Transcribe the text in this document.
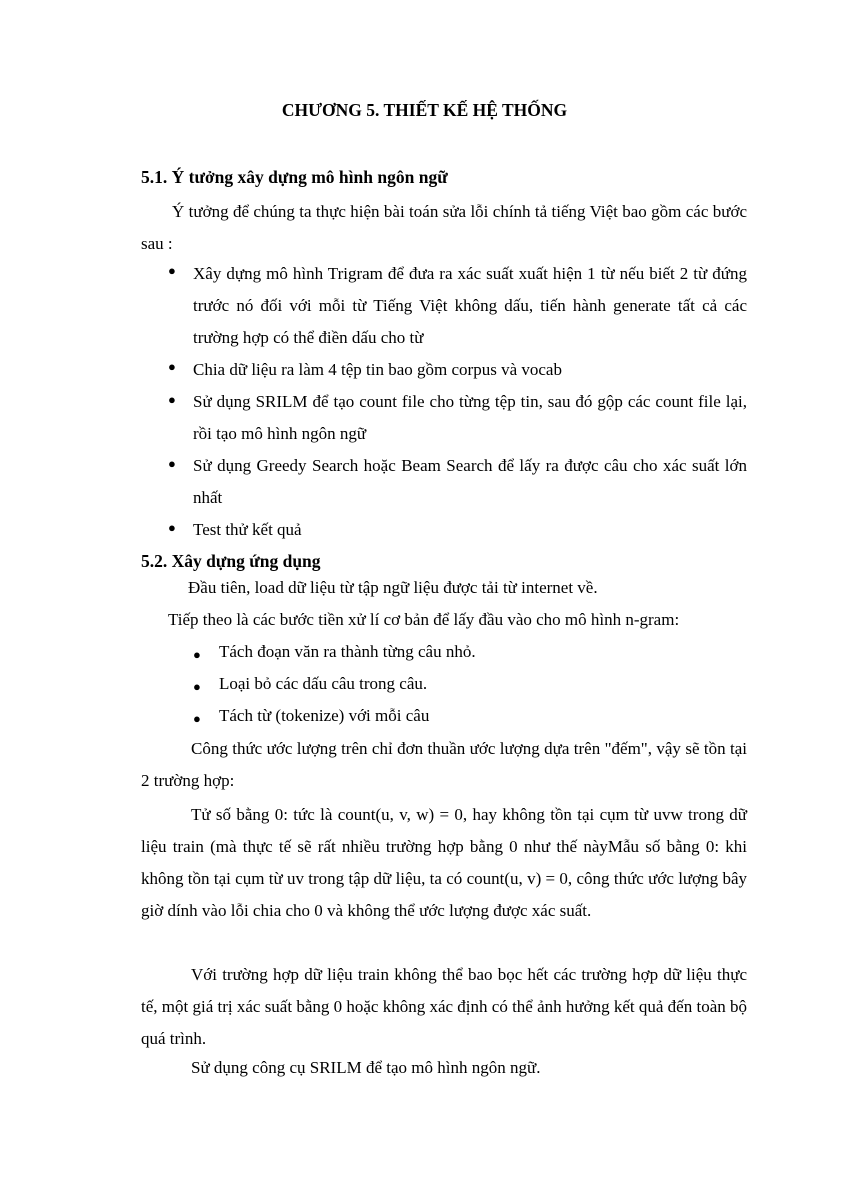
CHƯƠNG 5. THIẾT KẾ HỆ THỐNG
5.1. Ý tưởng xây dựng mô hình ngôn ngữ
Ý tưởng để chúng ta thực hiện bài toán sửa lỗi chính tả tiếng Việt bao gồm các bước sau :
● Xây dựng mô hình Trigram để đưa ra xác suất xuất hiện 1 từ nếu biết 2 từ đứng trước nó đối với mỗi từ Tiếng Việt không dấu, tiến hành generate tất cả các trường hợp có thể điền dấu cho từ
● Chia dữ liệu ra làm 4 tệp tin bao gồm corpus và vocab
● Sử dụng SRILM để tạo count file cho từng tệp tin, sau đó gộp các count file lại, rồi tạo mô hình ngôn ngữ
● Sử dụng Greedy Search hoặc Beam Search để lấy ra được câu cho xác suất lớn nhất
● Test thử kết quả
5.2. Xây dựng ứng dụng
Đầu tiên, load dữ liệu từ tập ngữ liệu được tải từ internet về.
Tiếp theo là các bước tiền xử lí cơ bản để lấy đầu vào cho mô hình n-gram:
● Tách đoạn văn ra thành từng câu nhỏ.
● Loại bỏ các dấu câu trong câu.
● Tách từ (tokenize) với mỗi câu
Công thức ước lượng trên chỉ đơn thuần ước lượng dựa trên "đếm", vậy sẽ tồn tại 2 trường hợp:
Tử số bằng 0: tức là count(u, v, w) = 0, hay không tồn tại cụm từ uvw trong dữ liệu train (mà thực tế sẽ rất nhiều trường hợp bằng 0 như thế nàyMẫu số bằng 0: khi không tồn tại cụm từ uv trong tập dữ liệu, ta có count(u, v) = 0, công thức ước lượng bây giờ dính vào lỗi chia cho 0 và không thể ước lượng được xác suất.
Với trường hợp dữ liệu train không thể bao bọc hết các trường hợp dữ liệu thực tế, một giá trị xác suất bằng 0 hoặc không xác định có thể ảnh hưởng kết quả đến toàn bộ quá trình.
Sử dụng công cụ SRILM để tạo mô hình ngôn ngữ.
